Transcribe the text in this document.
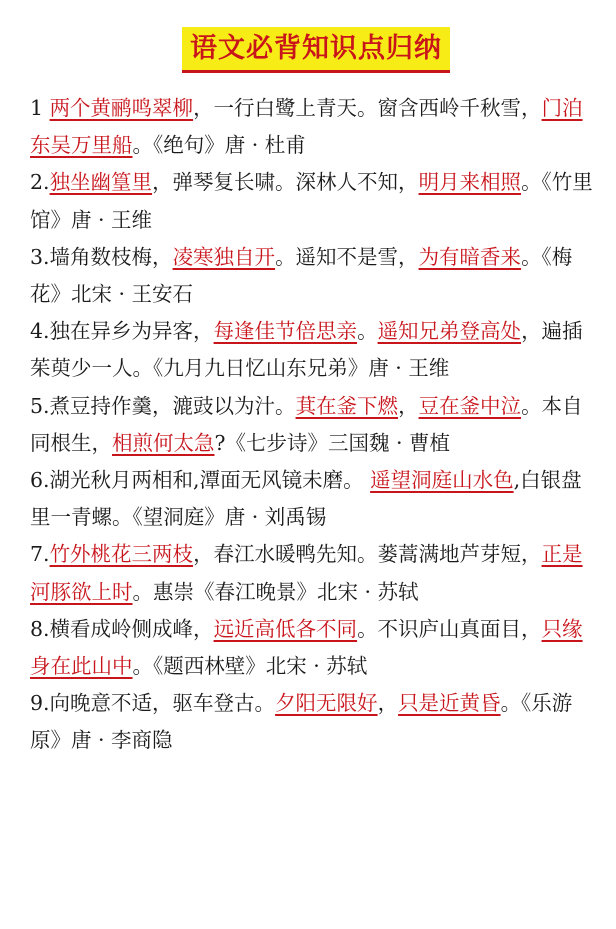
语文必背知识点归纳

1 两个黄鹂鸣翠柳，一行白鹭上青天。窗含西岭千秋雪，门泊东吴万里船。《绝句》唐 · 杜甫

2.独坐幽篁里，弹琴复长啸。深林人不知，明月来相照。《竹里馆》唐 · 王维

3.墙角数枝梅，凌寒独自开。遥知不是雪，为有暗香来。《梅花》北宋 · 王安石

4.独在异乡为异客，每逢佳节倍思亲。遥知兄弟登高处，遍插茱萸少一人。《九月九日忆山东兄弟》唐 · 王维

5.煮豆持作羹，漉豉以为汁。萁在釜下燃，豆在釜中泣。本自同根生，相煎何太急?《七步诗》三国魏 · 曹植

6.湖光秋月两相和,潭面无风镜未磨。 遥望洞庭山水色,白银盘里一青螺。《望洞庭》唐 · 刘禹锡

7.竹外桃花三两枝，春江水暖鸭先知。蒌蒿满地芦芽短，正是河豚欲上时。惠崇《春江晚景》北宋 · 苏轼

8.横看成岭侧成峰，远近高低各不同。不识庐山真面目，只缘身在此山中。《题西林壁》北宋 · 苏轼

9.向晚意不适，驱车登古。夕阳无限好，只是近黄昏。《乐游原》唐 · 李商隐
